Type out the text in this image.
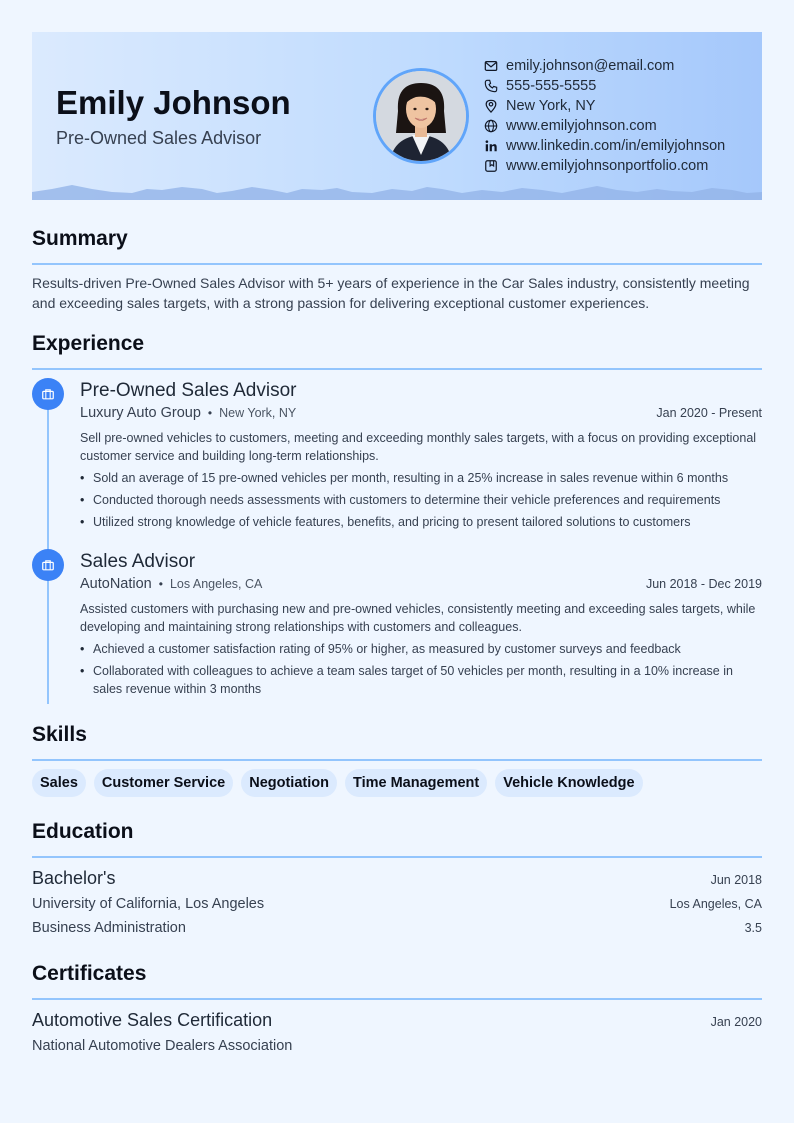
Emily Johnson
Pre-Owned Sales Advisor
emily.johnson@email.com
555-555-5555
New York, NY
www.emilyjohnson.com
www.linkedin.com/in/emilyjohnson
www.emilyjohnsonportfolio.com
Summary

Results-driven Pre-Owned Sales Advisor with 5+ years of experience in the Car Sales industry, consistently meeting and exceeding sales targets, with a strong passion for delivering exceptional customer experiences.

Experience
Pre-Owned Sales Advisor
Luxury Auto Group • New York, NY	Jan 2020 - Present
Sell pre-owned vehicles to customers, meeting and exceeding monthly sales targets, with a focus on providing exceptional customer service and building long-term relationships.
• Sold an average of 15 pre-owned vehicles per month, resulting in a 25% increase in sales revenue within 6 months
• Conducted thorough needs assessments with customers to determine their vehicle preferences and requirements
• Utilized strong knowledge of vehicle features, benefits, and pricing to present tailored solutions to customers
Sales Advisor
AutoNation • Los Angeles, CA	Jun 2018 - Dec 2019
Assisted customers with purchasing new and pre-owned vehicles, consistently meeting and exceeding sales targets, while developing and maintaining strong relationships with customers and colleagues.
• Achieved a customer satisfaction rating of 95% or higher, as measured by customer surveys and feedback
• Collaborated with colleagues to achieve a team sales target of 50 vehicles per month, resulting in a 10% increase in sales revenue within 3 months
Skills
Sales	Customer Service	Negotiation	Time Management	Vehicle Knowledge
Education
Bachelor's	Jun 2018
University of California, Los Angeles	Los Angeles, CA
Business Administration	3.5
Certificates
Automotive Sales Certification	Jan 2020
National Automotive Dealers Association
